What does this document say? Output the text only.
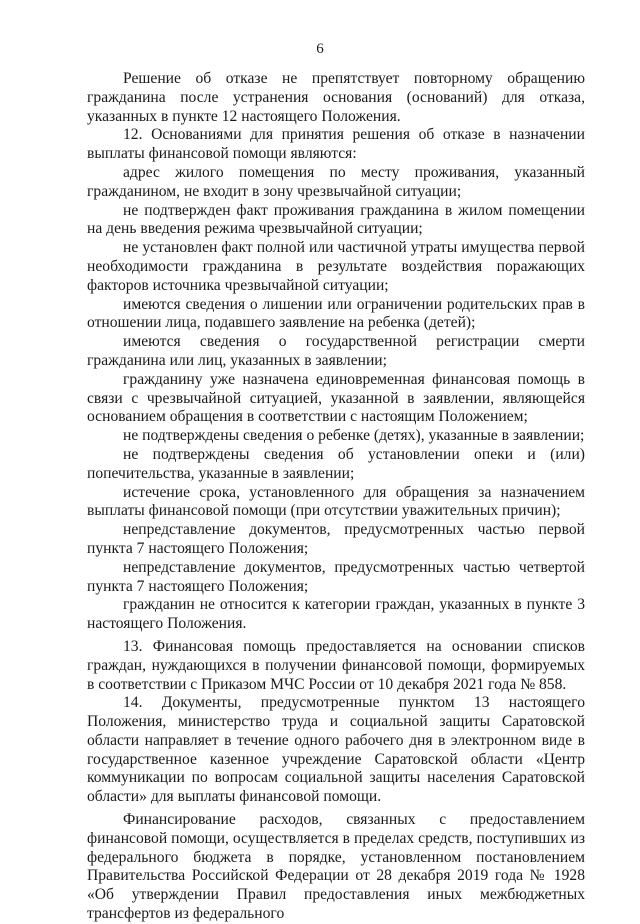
6

Решение об отказе не препятствует повторному обращению гражданина после устранения основания (оснований) для отказа, указанных в пункте 12 настоящего Положения.

12. Основаниями для принятия решения об отказе в назначении выплаты финансовой помощи являются:

адрес жилого помещения по месту проживания, указанный гражданином, не входит в зону чрезвычайной ситуации;

не подтвержден факт проживания гражданина в жилом помещении на день введения режима чрезвычайной ситуации;

не установлен факт полной или частичной утраты имущества первой необходимости гражданина в результате воздействия поражающих факторов источника чрезвычайной ситуации;

имеются сведения о лишении или ограничении родительских прав в отношении лица, подавшего заявление на ребенка (детей);

имеются сведения о государственной регистрации смерти гражданина или лиц, указанных в заявлении;

гражданину уже назначена единовременная финансовая помощь в связи с чрезвычайной ситуацией, указанной в заявлении, являющейся основанием обращения в соответствии с настоящим Положением;

не подтверждены сведения о ребенке (детях), указанные в заявлении;

не подтверждены сведения об установлении опеки и (или) попечительства, указанные в заявлении;

истечение срока, установленного для обращения за назначением выплаты финансовой помощи (при отсутствии уважительных причин);

непредставление документов, предусмотренных частью первой пункта 7 настоящего Положения;

непредставление документов, предусмотренных частью четвертой пункта 7 настоящего Положения;

гражданин не относится к категории граждан, указанных в пункте 3 настоящего Положения.

13. Финансовая помощь предоставляется на основании списков граждан, нуждающихся в получении финансовой помощи, формируемых в соответствии с Приказом МЧС России от 10 декабря 2021 года № 858.

14. Документы, предусмотренные пунктом 13 настоящего Положения, министерство труда и социальной защиты Саратовской области направляет в течение одного рабочего дня в электронном виде в государственное казенное учреждение Саратовской области «Центр коммуникации по вопросам социальной защиты населения Саратовской области» для выплаты финансовой помощи.

Финансирование расходов, связанных с предоставлением финансовой помощи, осуществляется в пределах средств, поступивших из федерального бюджета в порядке, установленном постановлением Правительства Российской Федерации от 28 декабря 2019 года № 1928 «Об утверждении Правил предоставления иных межбюджетных трансфертов из федерального
